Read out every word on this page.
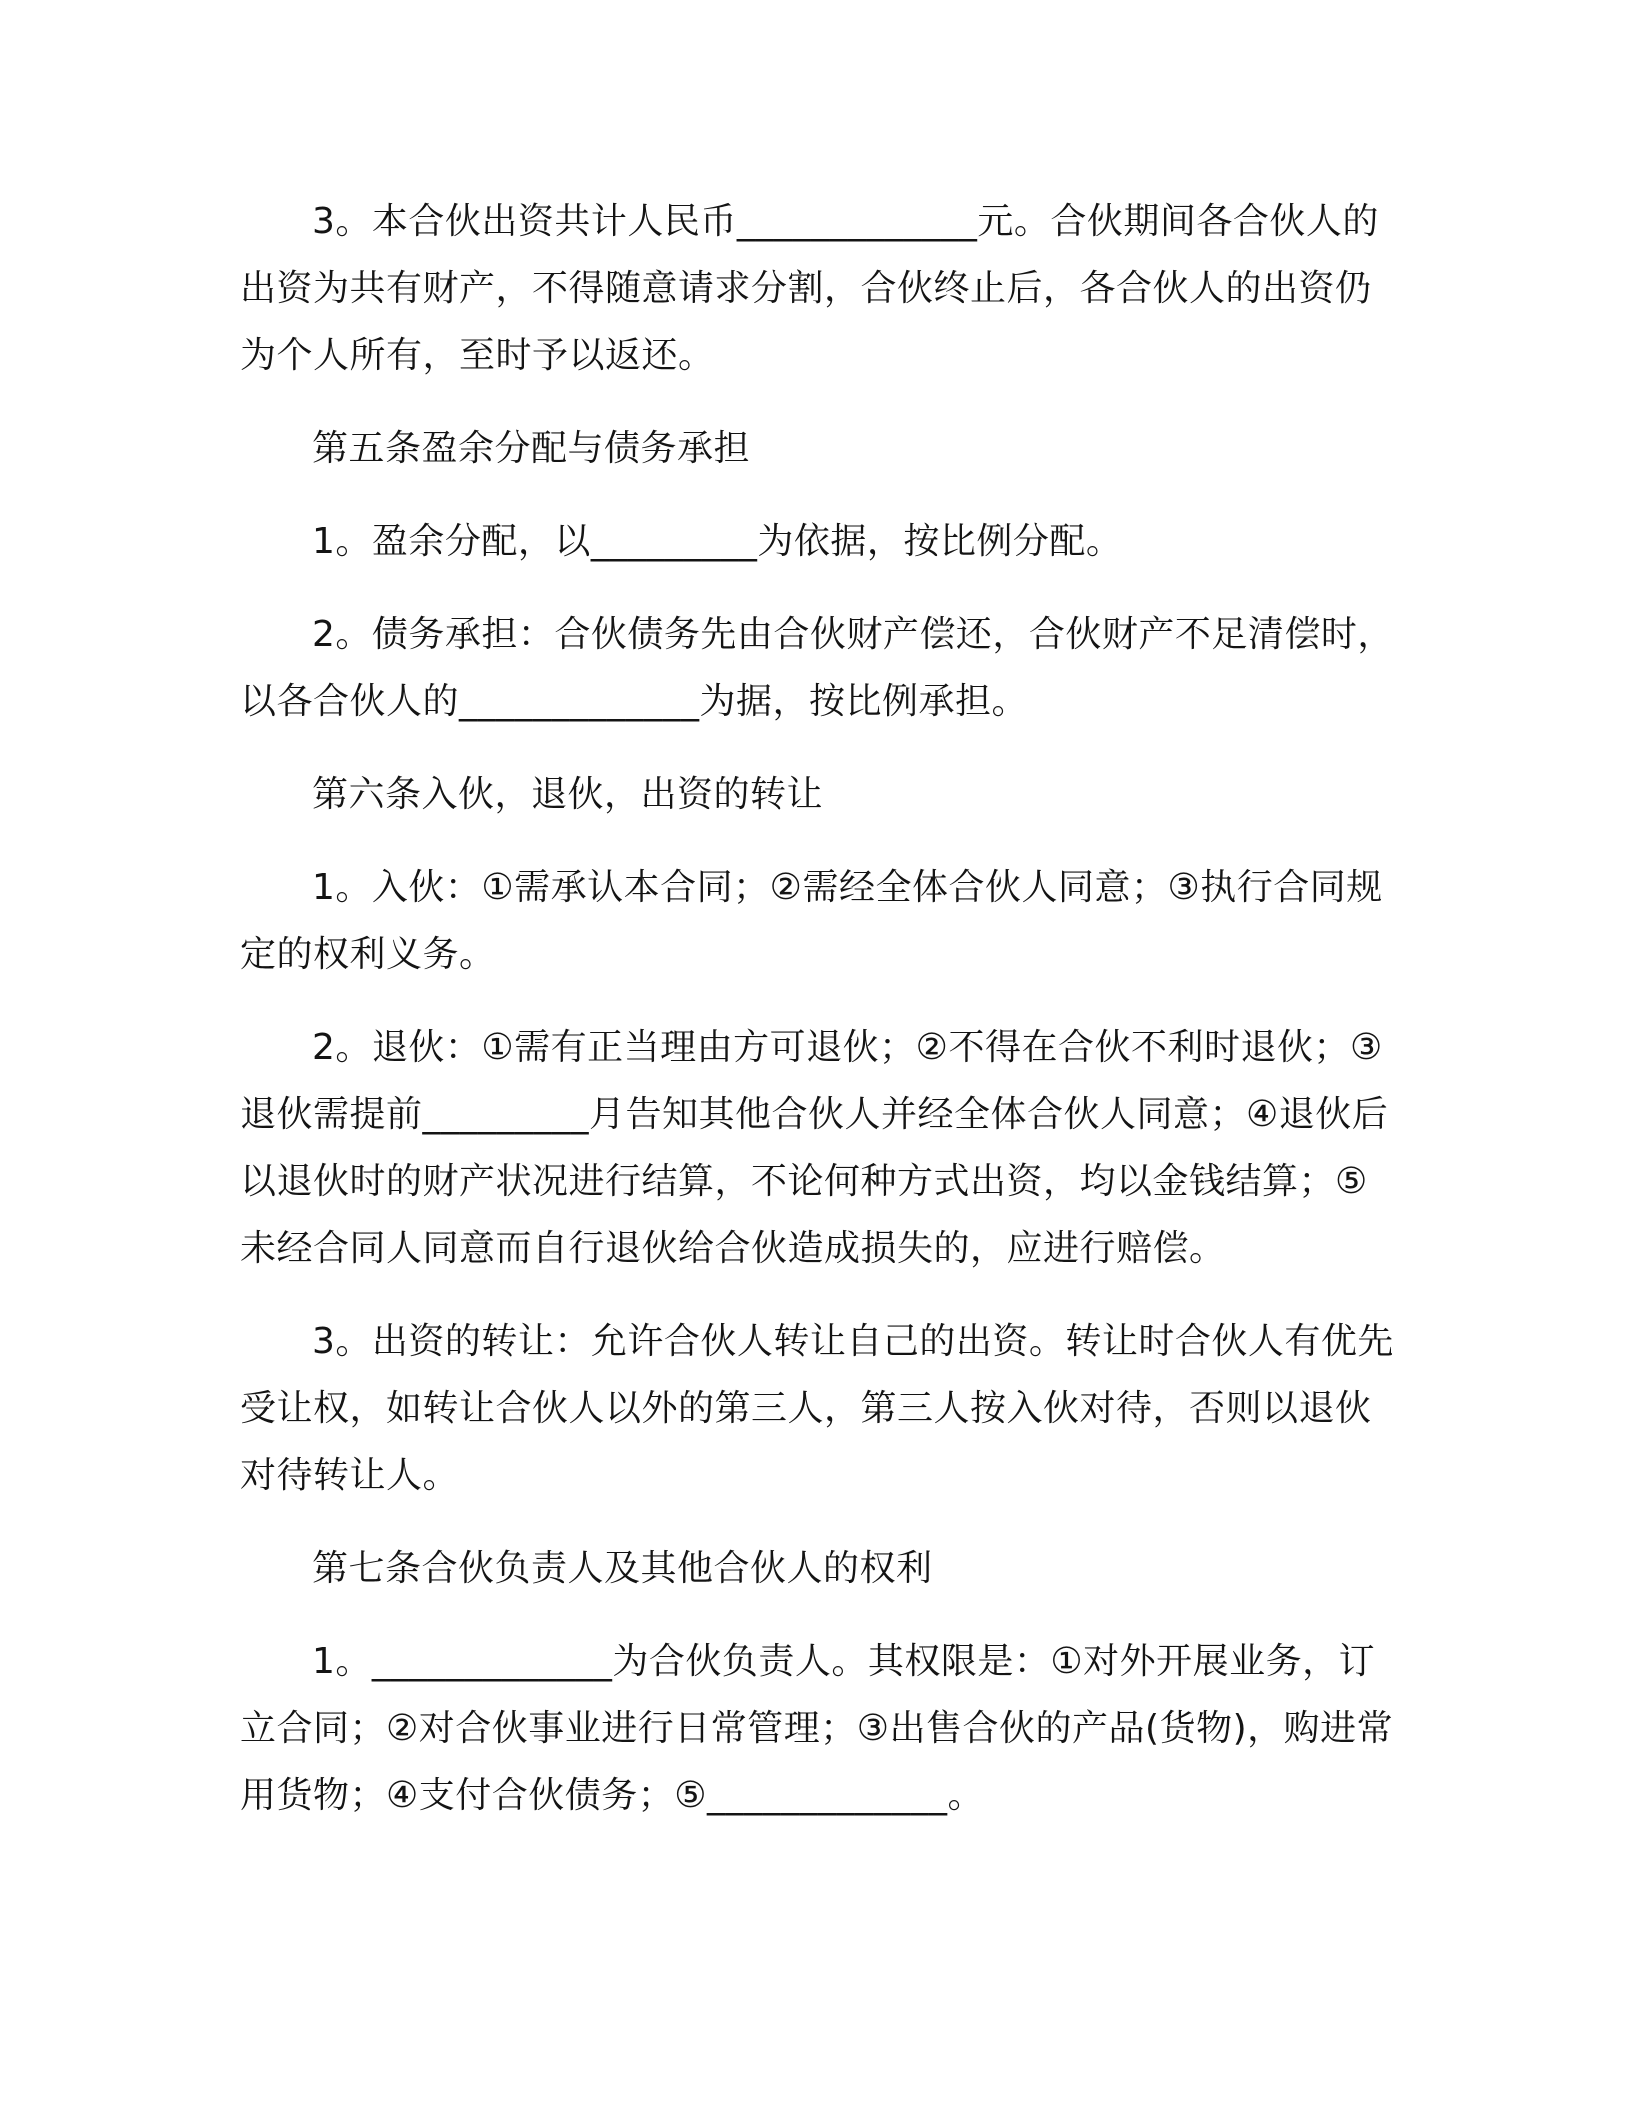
3。本合伙出资共计人民币_____________元。合伙期间各合伙人的出资为共有财产，不得随意请求分割，合伙终止后，各合伙人的出资仍为个人所有，至时予以返还。

第五条盈余分配与债务承担

1。盈余分配，以_________为依据，按比例分配。

2。债务承担：合伙债务先由合伙财产偿还，合伙财产不足清偿时，以各合伙人的_____________为据，按比例承担。

第六条入伙，退伙，出资的转让

1。入伙：①需承认本合同；②需经全体合伙人同意；③执行合同规定的权利义务。

2。退伙：①需有正当理由方可退伙；②不得在合伙不利时退伙；③退伙需提前_________月告知其他合伙人并经全体合伙人同意；④退伙后以退伙时的财产状况进行结算，不论何种方式出资，均以金钱结算；⑤未经合同人同意而自行退伙给合伙造成损失的，应进行赔偿。

3。出资的转让：允许合伙人转让自己的出资。转让时合伙人有优先受让权，如转让合伙人以外的第三人，第三人按入伙对待，否则以退伙对待转让人。

第七条合伙负责人及其他合伙人的权利

1。_____________为合伙负责人。其权限是：①对外开展业务，订立合同；②对合伙事业进行日常管理；③出售合伙的产品(货物)，购进常用货物；④支付合伙债务；⑤_____________。
